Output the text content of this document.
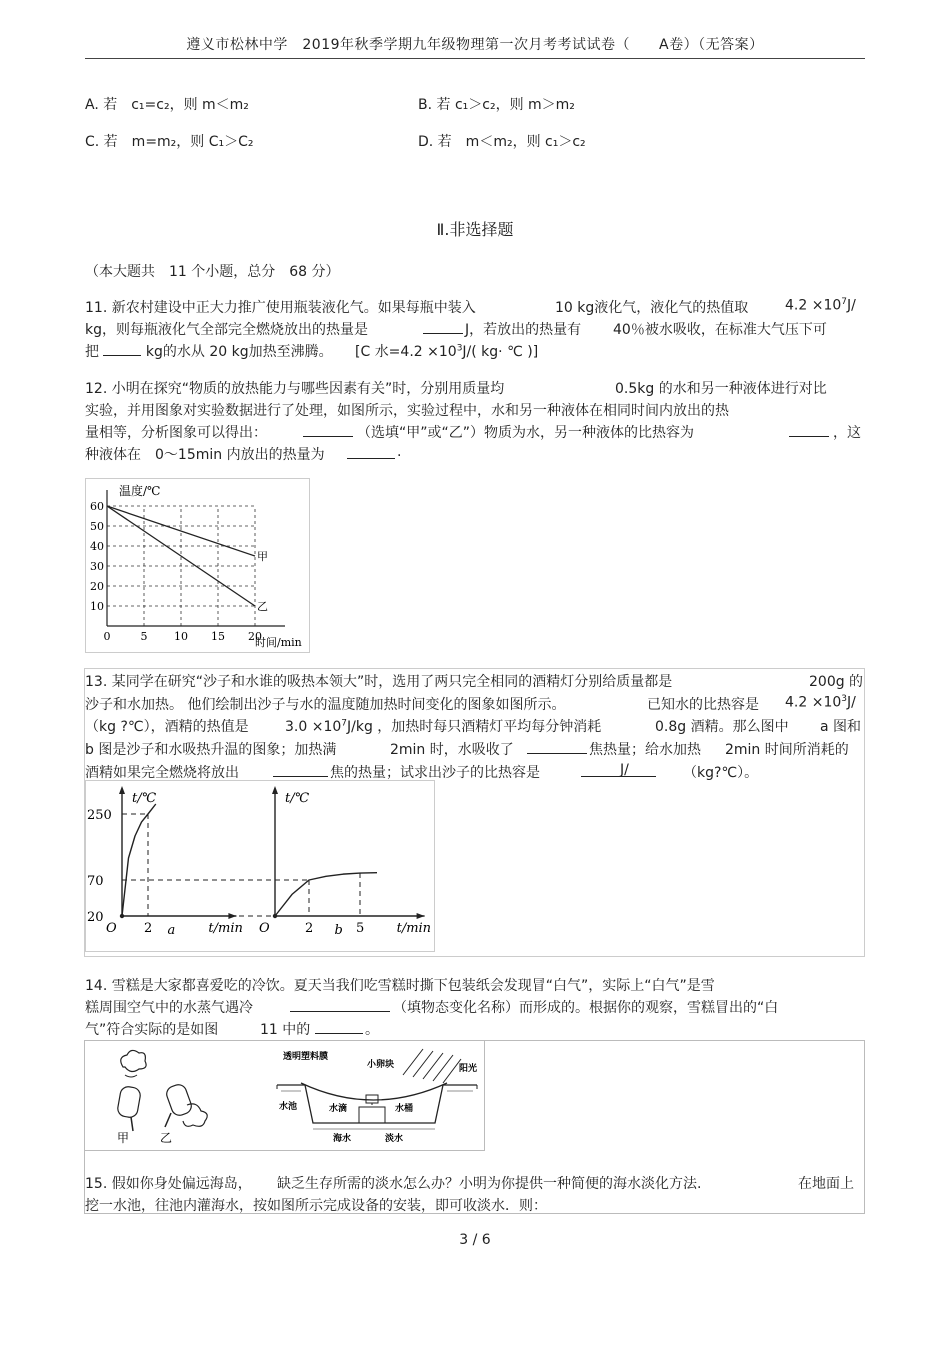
遵义市松林中学　2019年秋季学期九年级物理第一次月考考试试卷（　　A卷）（无答案）
A. 若　c₁=c₂，则 m＜m₂	B. 若 c₁＞c₂，则 m＞m₂
C. 若　m=m₂，则 C₁＞C₂	D. 若　m＜m₂，则 c₁＞c₂
Ⅱ.非选择题
（本大题共　11 个小题，总分　68 分）
11. 新农村建设中正大力推广使用瓶装液化气。如果每瓶中装入	10 kg液化气，液化气的热值取	$4.2 \times 10^7J/$
kg，则每瓶液化气全部完全燃烧放出的热量是	J，若放出的热量有 40％被水吸收，在标准大气压下可
把	kg的水从 20 kg加热至沸腾。 [C 水$=4.2 \times 10^3J/$( kg· ℃ )]
12. 小明在探究“物质的放热能力与哪些因素有关”时，分别用质量均	0.5kg 的水和另一种液体进行对比
实验，并用图象对实验数据进行了处理，如图所示，实验过程中，水和另一种液体在相同时间内放出的热
量相等，分析图象可以得出：	（选填“甲”或“乙”）物质为水，另一种液体的比热容为	，这
种液体在　0～15min 内放出的热量为	.
10
20
30
40
50
60
0	5 10 15 20
甲
乙
温度/℃
时间/min
13. 某同学在研究“沙子和水谁的吸热本领大”时，选用了两只完全相同的酒精灯分别给质量都是	200g 的
沙子和水加热。 他们绘制出沙子与水的温度随加热时间变化的图象如图所示。	已知水的比热容是 $4.2 \times 10^3J/$
（kg ?℃），酒精的热值是	$3.0 \times 10^7J/kg$ ，加热时每只酒精灯平均每分钟消耗	0.8g 酒精。那么图中 a 图和
b 图是沙子和水吸热升温的图象；加热满	2min 时，水吸收了	焦热量；给水加热 2min 时间所消耗的
酒精如果完全燃烧将放出	焦的热量；试求出沙子的比热容是	J/	（kg?℃）。
t/℃
t/min
O	a
2
20
70
250
t/℃
t/min
O	b
2	5
14. 雪糕是大家都喜爱吃的冷饮。夏天当我们吃雪糕时撕下包装纸会发现冒“白气”，实际上“白气”是雪
糕周围空气中的水蒸气遇冷	（填物态变化名称）而形成的。根据你的观察，雪糕冒出的“白
气”符合实际的是如图	11 中的	。
甲	乙
透明塑料膜
小卵块	阳光
水池	水滴	水桶
海水	淡水
15. 假如你身处偏远海岛， 缺乏生存所需的淡水怎么办？小明为你提供一种简便的海水淡化方法.	在地面上
挖一水池，往池内灌海水，按如图所示完成设备的安装，即可收淡水．则：
3 / 6
